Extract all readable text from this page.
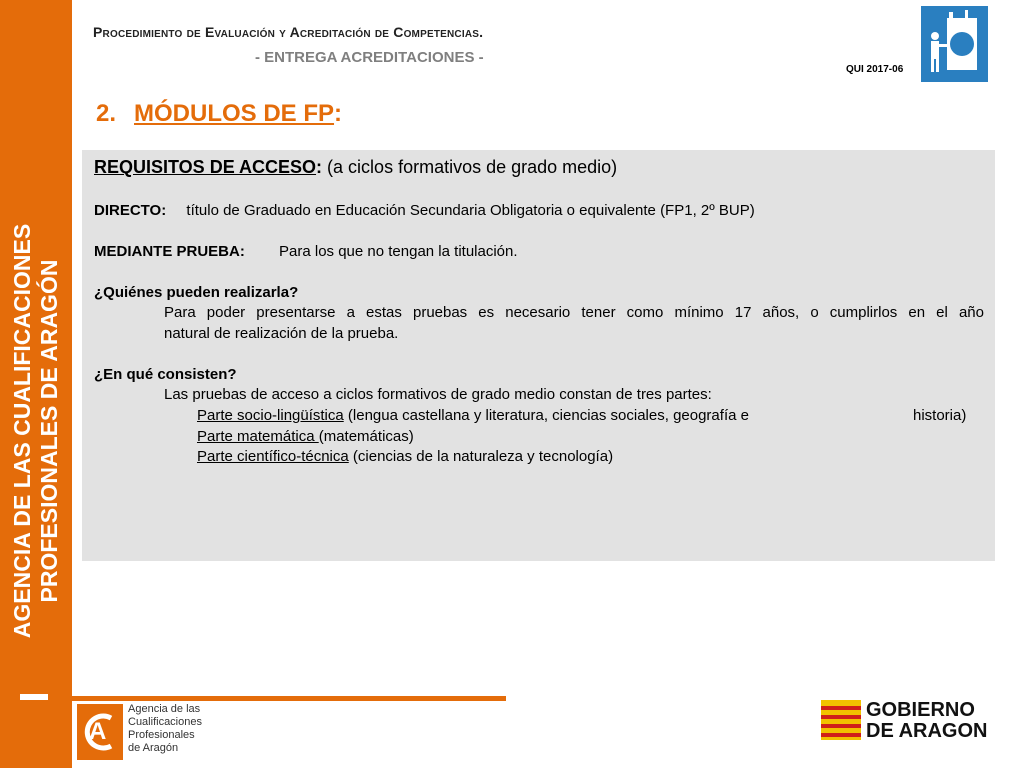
AGENCIA DE LAS CUALIFICACIONES PROFESIONALES DE ARAGÓN
Procedimiento de Evaluación y Acreditación de Competencias.
- ENTREGA ACREDITACIONES -
QUI 2017-06
2. MÓDULOS DE FP:
REQUISITOS DE ACCESO: (a ciclos formativos de grado medio)
DIRECTO: título de Graduado en Educación Secundaria Obligatoria o equivalente (FP1, 2º BUP)
MEDIANTE PRUEBA: Para los que no tengan la titulación.
¿Quiénes pueden realizarla?
Para poder presentarse a estas pruebas es necesario tener como mínimo 17 años, o cumplirlos en el año
natural de realización de la prueba.
¿En qué consisten?
Las pruebas de acceso a ciclos formativos de grado medio constan de tres partes:
Parte socio-lingüística (lengua castellana y literatura, ciencias sociales, geografía e	historia)
Parte matemática (matemáticas)
Parte científico-técnica (ciencias de la naturaleza y tecnología)
A
Agencia de las
Cualificaciones
Profesionales
de Aragón
GOBIERNO
DE ARAGON
